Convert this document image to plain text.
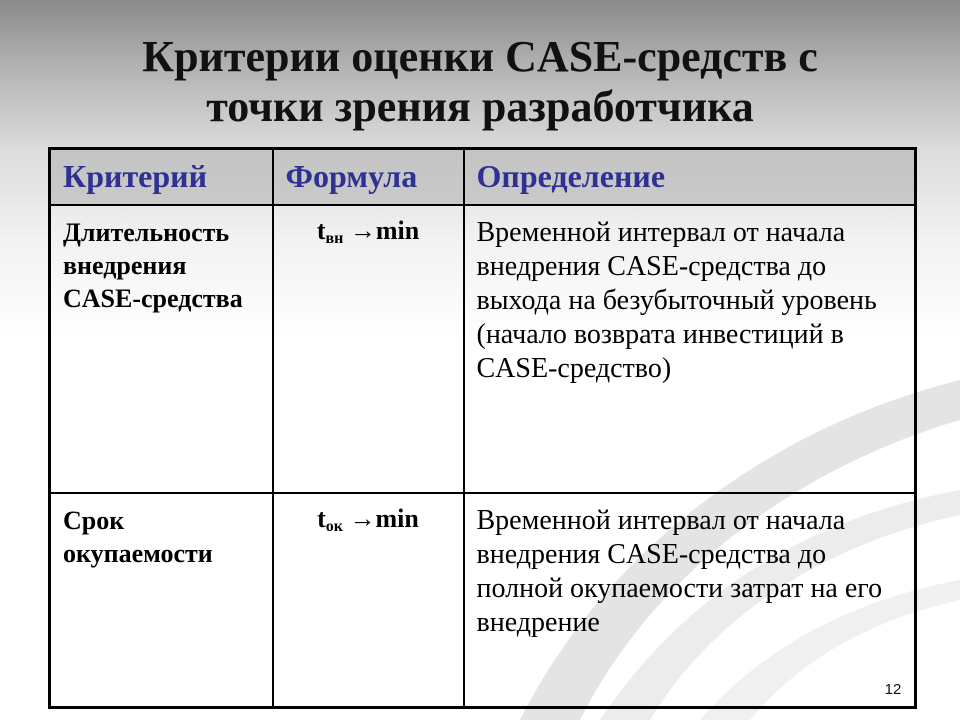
Критерии оценки CASE-средств с
точки зрения разработчика
Критерий	Формула	Определение
Длительность внедрения CASE-средства	$t_{вн} \to\min$	Временной интервал от начала внедрения CASE-средства до выхода на безубыточный уровень (начало возврата инвестиций в CASE-средство)
Срок окупаемости	$t_{ок} \to\min$	Временной интервал от начала внедрения CASE-средства до полной окупаемости затрат на его внедрение
12
